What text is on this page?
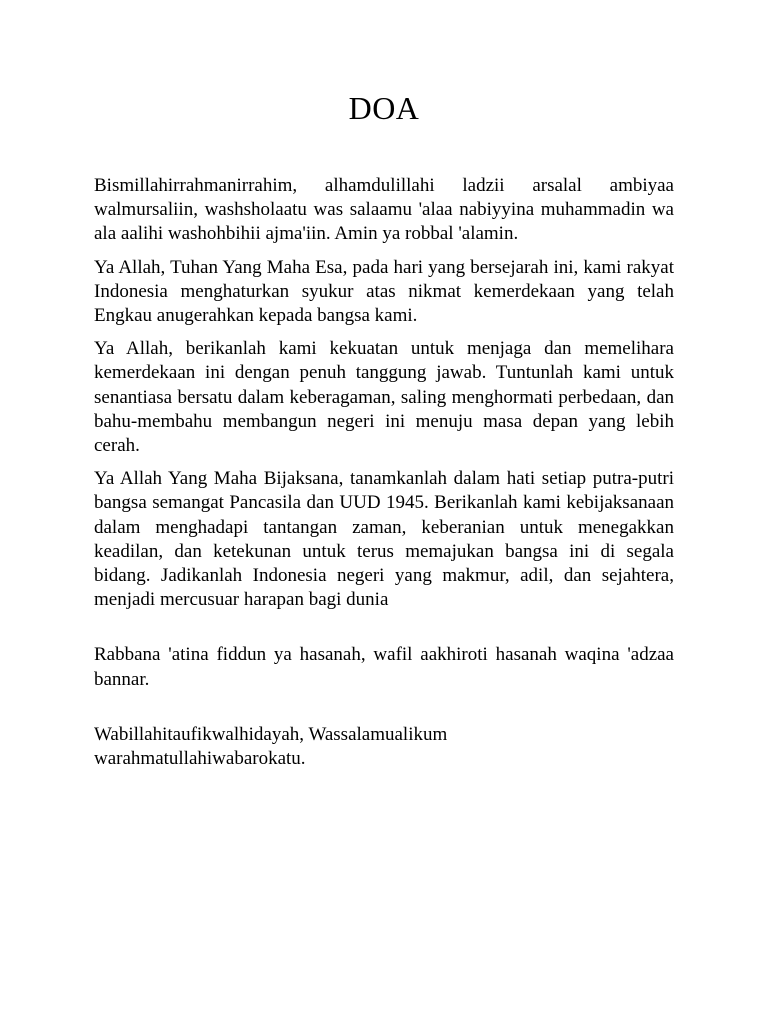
DOA

Bismillahirrahmanirrahim, alhamdulillahi ladzii arsalal ambiyaa walmursaliin, washsholaatu was salaamu 'alaa nabiyyina muhammadin wa ala aalihi washohbihii ajma'iin. Amin ya robbal 'alamin.

Ya Allah, Tuhan Yang Maha Esa, pada hari yang bersejarah ini, kami rakyat Indonesia menghaturkan syukur atas nikmat kemerdekaan yang telah Engkau anugerahkan kepada bangsa kami.

Ya Allah, berikanlah kami kekuatan untuk menjaga dan memelihara kemerdekaan ini dengan penuh tanggung jawab. Tuntunlah kami untuk senantiasa bersatu dalam keberagaman, saling menghormati perbedaan, dan bahu-membahu membangun negeri ini menuju masa depan yang lebih cerah.

Ya Allah Yang Maha Bijaksana, tanamkanlah dalam hati setiap putra-putri bangsa semangat Pancasila dan UUD 1945. Berikanlah kami kebijaksanaan dalam menghadapi tantangan zaman, keberanian untuk menegakkan keadilan, dan ketekunan untuk terus memajukan bangsa ini di segala bidang. Jadikanlah Indonesia negeri yang makmur, adil, dan sejahtera, menjadi mercusuar harapan bagi dunia

Rabbana 'atina fiddun ya hasanah, wafil aakhiroti hasanah waqina 'adzaa bannar.

Wabillahitaufikwalhidayah, Wassalamualikum
warahmatullahiwabarokatu.
